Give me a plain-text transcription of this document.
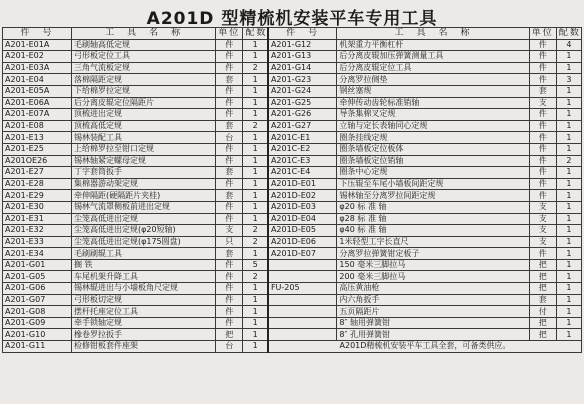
A201D 型精梳机安装平车专用工具
件　号	工　具　名　称	单位	配数	件　号	工　具　名　称	单位	配数
A201-E01A	毛刷轴高低定规	件	1	A201-G12	机架重力平衡杠杆	件	4
A201-E02	弓形板定位工具	件	1	A201-G13	后分离皮辊加压弹簧测量工具	件	1
A201-E03A	三角气流板定规	件	2	A201-G14	后分离皮辊定位工具	件	1
A201-E04	落棉隔距定规	套	1	A201-G23	分离罗拉侧垫	件	3
A201-E05A	下给棉罗拉定规	件	1	A201-G24	钢丝塞规	套	1
A201-E06A	后分离皮辊定位隔距片	件	1	A201-G25	牵伸传动齿轮标准销轴	支	1
A201-E07A	顶梳进出定规	件	1	A201-G26	导条集棉叉定规	件	1
A201-E08	顶梳高低定规	套	2	A201-G27	立轴与定长表轴同心定规	件	1
A201-E13	锡林装配工具	台	1	A201C-E1	圈条挂线定规	件	1
A201-E25	上给棉罗拉至钳口定规	件	1	A201C-E2	圈条墙板定位板体	件	1
A201OE26	锡林轴紧定螺母定规	件	1	A201C-E3	圈条墙板定位销轴	件	2
A201-E27	丁字套筒扳手	套	1	A201C-E4	圈条中心定规	件	1
A201-E28	集棉器游动架定规	件	1	A201D-E01	下压辊至车尾小墙板间距定规	件	1
A201-E29	牵伸隔距(硬隔距片夹桂)	套	1	A201D-E02	锡林轴至分离罗拉间距定规	件	1
A201-E30	锡林气流罩侧板前进出定规	件	1	A201D-E03	φ20 标 准 轴	支	1
A201-E31	尘笼高低进出定规	件	1	A201D-E04	φ28 标 准 轴	支	1
A201-E32	尘笼高低进出定规(φ20短轴)	支	2	A201D-E05	φ40 标 准 轴	支	1
A201-E33	尘笼高低进出定规(φ175圆盘)	只	2	A201D-E06	1米轻型工字长直尺	支	1
A201-E34	毛刷刷辊工具	套	1	A201D-E07	分离罗拉弹簧钳定板子	件	1
A201-G01	搁 铁	件	5		150 毫米三脚拉马	把	1
A201-G05	车尾机架升降工具	件	2		200 毫米三脚拉马	把	1
A201-G06	锡林辊进出与小墙板角尺定规	件	1	FU-205	高压黄油枪	把	1
A201-G07	弓形板切定规	件	1		内六角扳手	套	1
A201-G08	摆杆托座定位工具	件	1		五页隔距片	付	1
A201-G09	牵手锁轴定规	件	1		8″ 轴用弹簧钳	把	1
A201-G10	橡卷罗拉扳手	把	1		8″ 孔用弹簧钳	把	1
A201-G11	检修钳板套件座架	台	1	A201D精梳机安装平车工具全套，可备类供应。			
